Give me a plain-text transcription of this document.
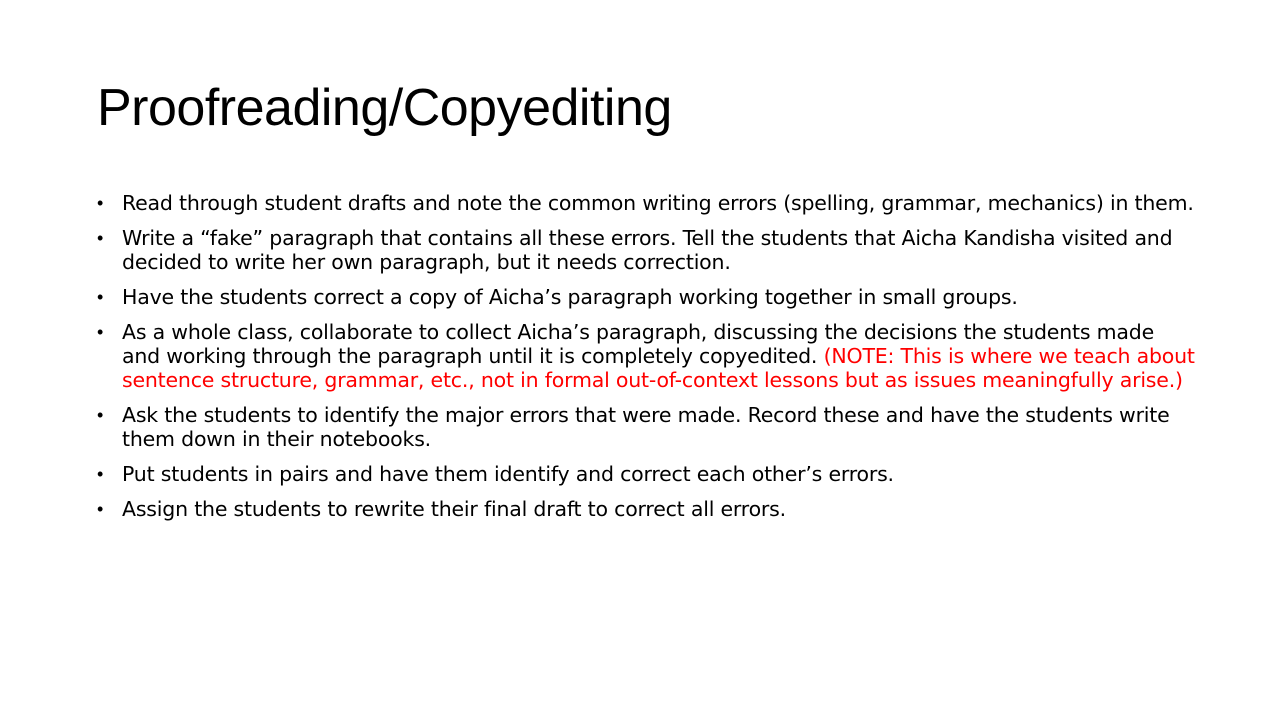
Proofreading/Copyediting
• Read through student drafts and note the common writing errors (spelling, grammar, mechanics) in them.
• Write a “fake” paragraph that contains all these errors. Tell the students that Aicha Kandisha visited and decided to write her own paragraph, but it needs correction.
• Have the students correct a copy of Aicha’s paragraph working together in small groups.
• As a whole class, collaborate to collect Aicha’s paragraph, discussing the decisions the students made and working through the paragraph until it is completely copyedited. (NOTE: This is where we teach about sentence structure, grammar, etc., not in formal out-of-context lessons but as issues meaningfully arise.)
• Ask the students to identify the major errors that were made. Record these and have the students write them down in their notebooks.
• Put students in pairs and have them identify and correct each other’s errors.
• Assign the students to rewrite their final draft to correct all errors.
